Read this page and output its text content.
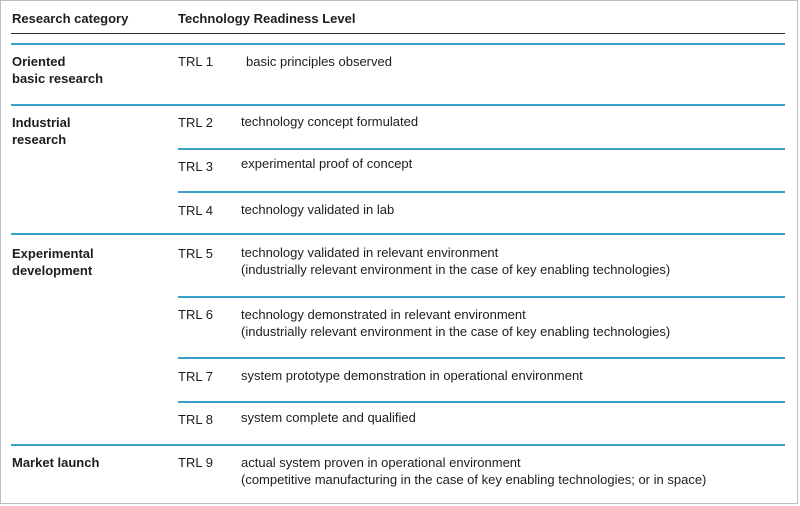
Research category	Technology Readiness Level
Oriented
basic research
Industrial
research
Experimental
development
Market launch
TRL 1	basic principles observed
TRL 2 technology concept formulated
TRL 3 experimental proof of concept
TRL 4 technology validated in lab
TRL 5 technology validated in relevant environment
(industrially relevant environment in the case of key enabling technologies)
TRL 6 technology demonstrated in relevant environment
(industrially relevant environment in the case of key enabling technologies)
TRL 7 system prototype demonstration in operational environment
TRL 8 system complete and qualified
TRL 9 actual system proven in operational environment
(competitive manufacturing in the case of key enabling technologies; or in space)
